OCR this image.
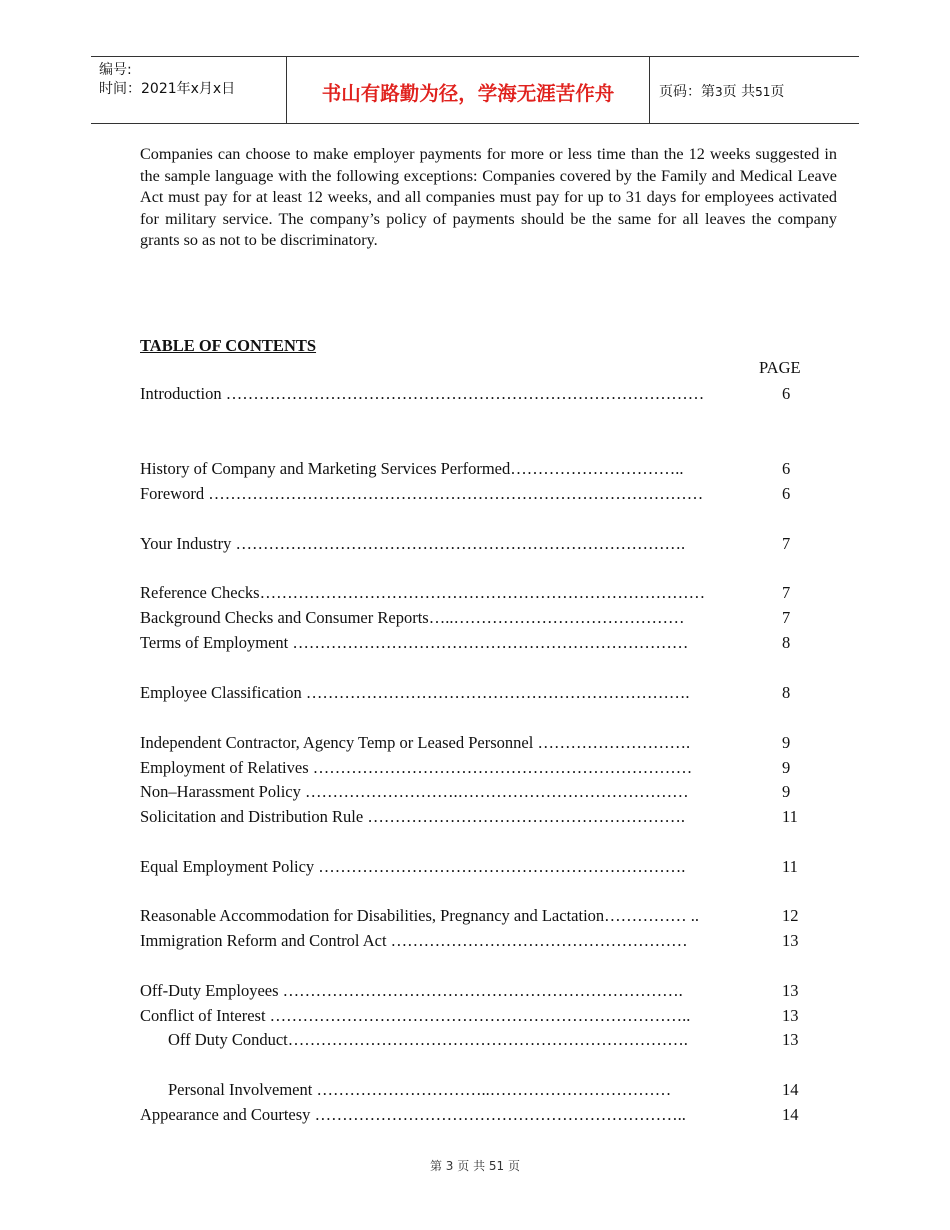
编号:
时间：2021年x月x日	书山有路勤为径，学海无涯苦作舟	页码：第3页 共51页
Companies can choose to make employer payments for more or less time than the 12 weeks suggested in the sample language with the following exceptions: Companies covered by the Family and Medical Leave Act must pay for at least 12 weeks, and all companies must pay for up to 31 days for employees activated for military service. The company’s policy of payments should be the same for all leaves the company grants so as not to be discriminatory.
TABLE OF CONTENTS
PAGE
Introduction ……………………………………………………………………………	6
History of Company and Marketing Services Performed…………………………..	6
Foreword ………………………………………………………………………………	6
Your Industry ……………………………………………………………………….	7
Reference Checks………………………………………………………………………	7
Background Checks and Consumer Reports…..……………………………………	7
Terms of Employment ………………………………………………………………	8
Employee Classification …………………………………………………………….	8
Independent Contractor, Agency Temp or Leased Personnel ……………………….	9
Employment of Relatives ……………………………………………………………	9
Non–Harassment Policy ……………………….……………………………………	9
Solicitation and Distribution Rule ………………………………………………….	11
Equal Employment Policy ………………………………………………………….	11
Reasonable Accommodation for Disabilities, Pregnancy and Lactation…………… ..	12
Immigration Reform and Control Act ………………………………………………	13
Off-Duty Employees ……………………………………………………………….	13
Conflict of Interest …………………………………………………………………..	13
Off Duty Conduct……………………………………………………………….	13
Personal Involvement …………………………..……………………………	14
Appearance and Courtesy …………………………………………………………..	14
第 3 页 共 51 页
